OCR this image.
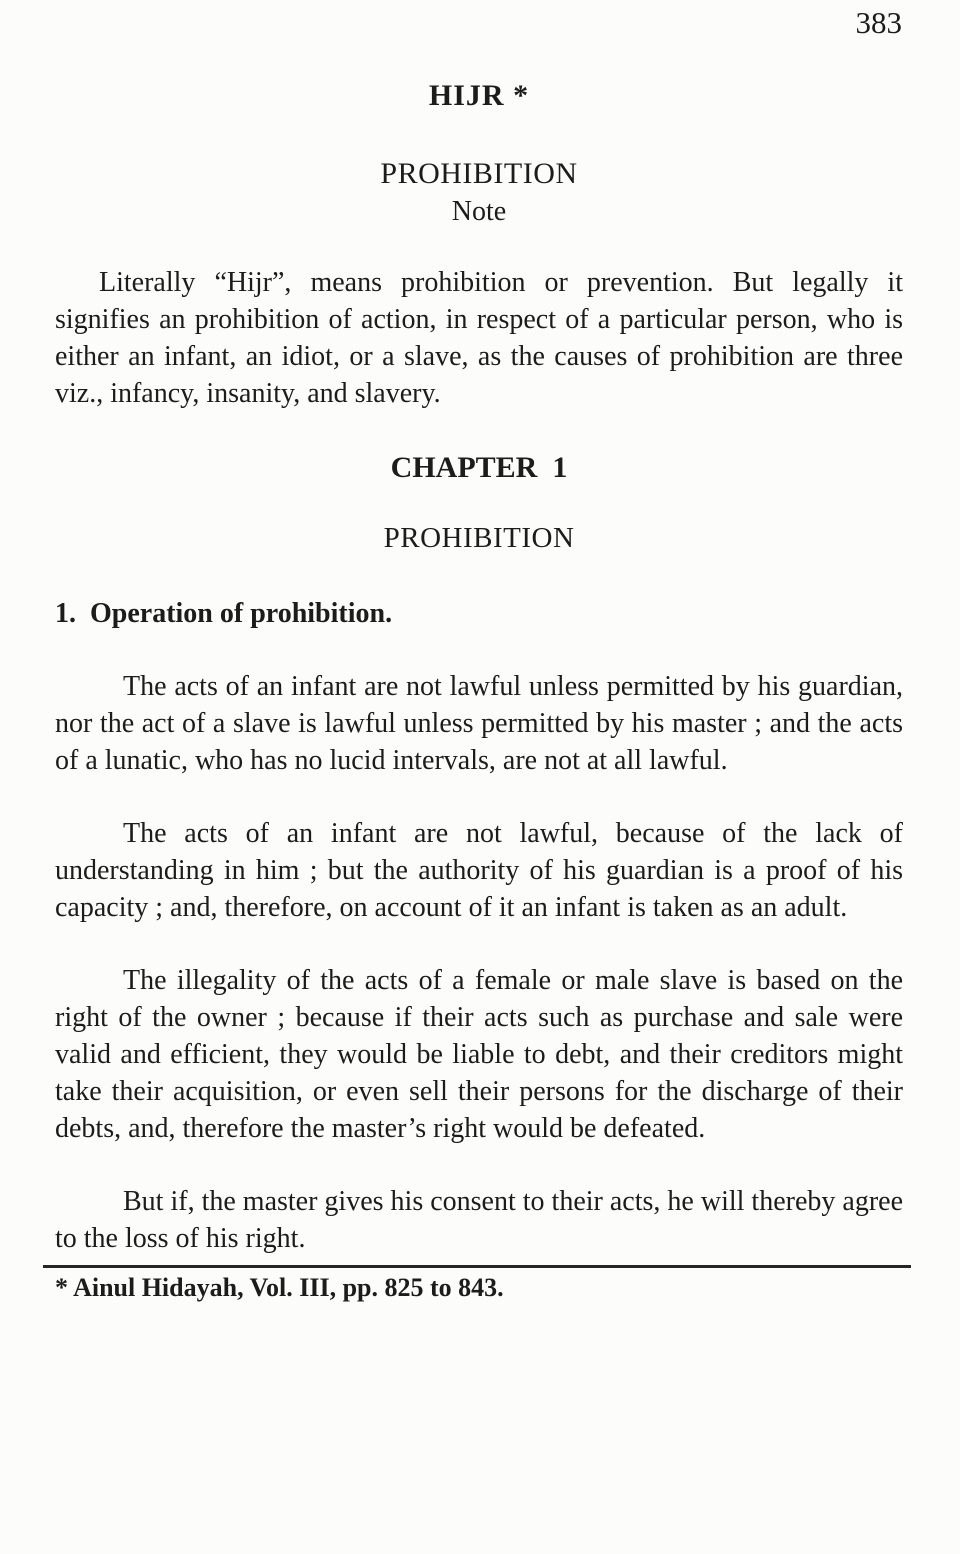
383
HIJR *
PROHIBITION
Note

Literally “Hijr”, means prohibition or prevention. But legally it signifies an prohibition of action, in respect of a particular person, who is either an infant, an idiot, or a slave, as the causes of prohibition are three viz., infancy, insanity, and slavery.

CHAPTER  1
PROHIBITION
1.  Operation of prohibition.

The acts of an infant are not lawful unless permitted by his guardian, nor the act of a slave is lawful unless permitted by his master ; and the acts of a lunatic, who has no lucid intervals, are not at all lawful.

The acts of an infant are not lawful, because of the lack of understanding in him ; but the authority of his guardian is a proof of his capacity ; and, therefore, on account of it an infant is taken as an adult.

The illegality of the acts of a female or male slave is based on the right of the owner ; because if their acts such as purchase and sale were valid and efficient, they would be liable to debt, and their creditors might take their acquisition, or even sell their persons for the discharge of their debts, and, therefore the master’s right would be defeated.

But if, the master gives his consent to their acts, he will thereby agree to the loss of his right.

* Ainul Hidayah, Vol. III, pp. 825 to 843.
